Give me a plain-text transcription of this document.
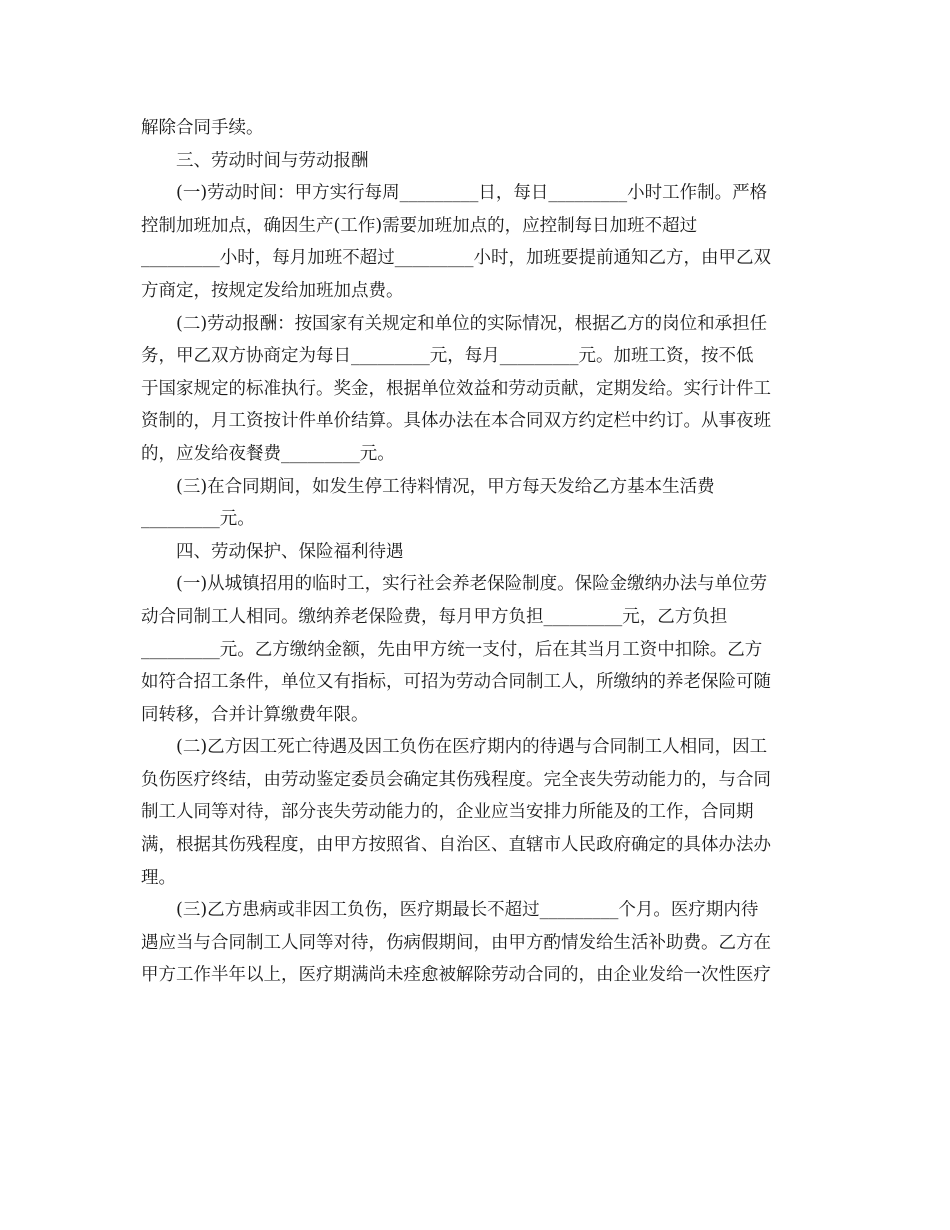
解除合同手续。
　　三、劳动时间与劳动报酬
　　(一)劳动时间：甲方实行每周_________日，每日_________小时工作制。严格
控制加班加点，确因生产(工作)需要加班加点的，应控制每日加班不超过
_________小时，每月加班不超过_________小时，加班要提前通知乙方，由甲乙双
方商定，按规定发给加班加点费。
　　(二)劳动报酬：按国家有关规定和单位的实际情况，根据乙方的岗位和承担任
务，甲乙双方协商定为每日_________元，每月_________元。加班工资，按不低
于国家规定的标准执行。奖金，根据单位效益和劳动贡献，定期发给。实行计件工
资制的，月工资按计件单价结算。具体办法在本合同双方约定栏中约订。从事夜班
的，应发给夜餐费_________元。
　　(三)在合同期间，如发生停工待料情况，甲方每天发给乙方基本生活费
_________元。
　　四、劳动保护、保险福利待遇
　　(一)从城镇招用的临时工，实行社会养老保险制度。保险金缴纳办法与单位劳
动合同制工人相同。缴纳养老保险费，每月甲方负担_________元，乙方负担
_________元。乙方缴纳金额，先由甲方统一支付，后在其当月工资中扣除。乙方
如符合招工条件，单位又有指标，可招为劳动合同制工人，所缴纳的养老保险可随
同转移，合并计算缴费年限。
　　(二)乙方因工死亡待遇及因工负伤在医疗期内的待遇与合同制工人相同，因工
负伤医疗终结，由劳动鉴定委员会确定其伤残程度。完全丧失劳动能力的，与合同
制工人同等对待，部分丧失劳动能力的，企业应当安排力所能及的工作，合同期
满，根据其伤残程度，由甲方按照省、自治区、直辖市人民政府确定的具体办法办
理。
　　(三)乙方患病或非因工负伤，医疗期最长不超过_________个月。医疗期内待
遇应当与合同制工人同等对待，伤病假期间，由甲方酌情发给生活补助费。乙方在
甲方工作半年以上，医疗期满尚未痊愈被解除劳动合同的，由企业发给一次性医疗
